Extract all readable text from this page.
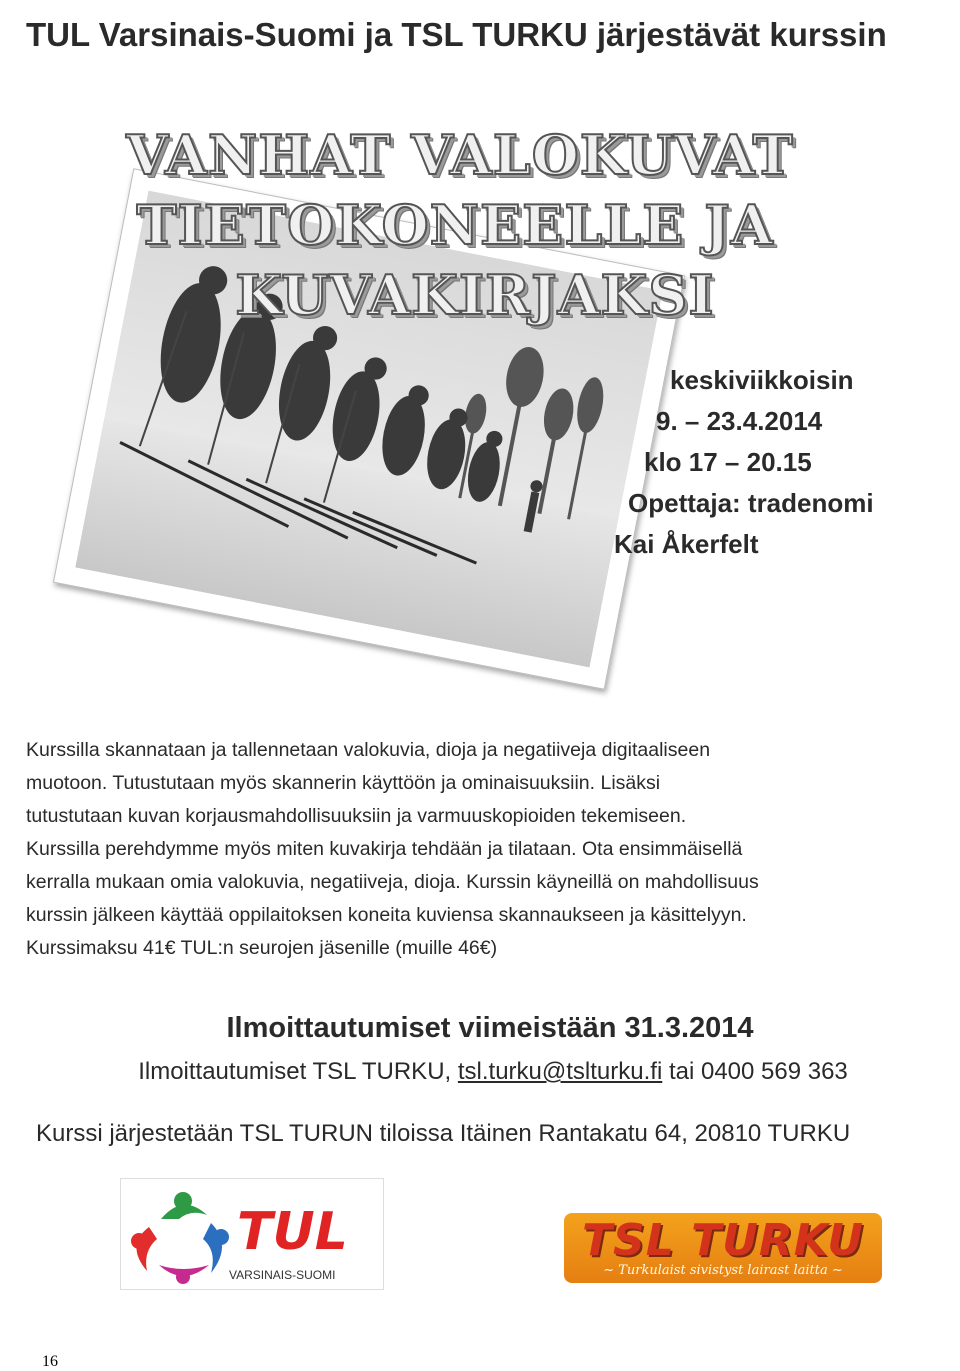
TUL Varsinais-Suomi ja TSL TURKU järjestävät kurssin
VANHAT VALOKUVAT
TIETOKONEELLE JA
KUVAKIRJAKSI
keskiviikkoisin
9. – 23.4.2014
klo 17 – 20.15
Opettaja: tradenomi
Kai Åkerfelt
Kurssilla skannataan ja tallennetaan valokuvia, dioja ja negatiiveja digitaaliseen
muotoon. Tutustutaan myös skannerin käyttöön ja ominaisuuksiin. Lisäksi
tutustutaan kuvan korjausmahdollisuuksiin ja varmuuskopioiden tekemiseen.
Kurssilla perehdymme myös miten kuvakirja tehdään ja tilataan. Ota ensimmäisellä
kerralla mukaan omia valokuvia, negatiiveja, dioja. Kurssin käyneillä on mahdollisuus
kurssin jälkeen käyttää oppilaitoksen koneita kuviensa skannaukseen ja käsittelyyn.
Kurssimaksu 41€ TUL:n seurojen jäsenille (muille 46€)
Ilmoittautumiset viimeistään 31.3.2014
Ilmoittautumiset TSL TURKU, tsl.turku@tslturku.fi tai 0400 569 363
Kurssi järjestetään TSL TURUN tiloissa Itäinen Rantakatu 64, 20810 TURKU
TUL
VARSINAIS-SUOMI
TSL TURKU
~ Turkulaist sivistyst lairast laitta ~
16
